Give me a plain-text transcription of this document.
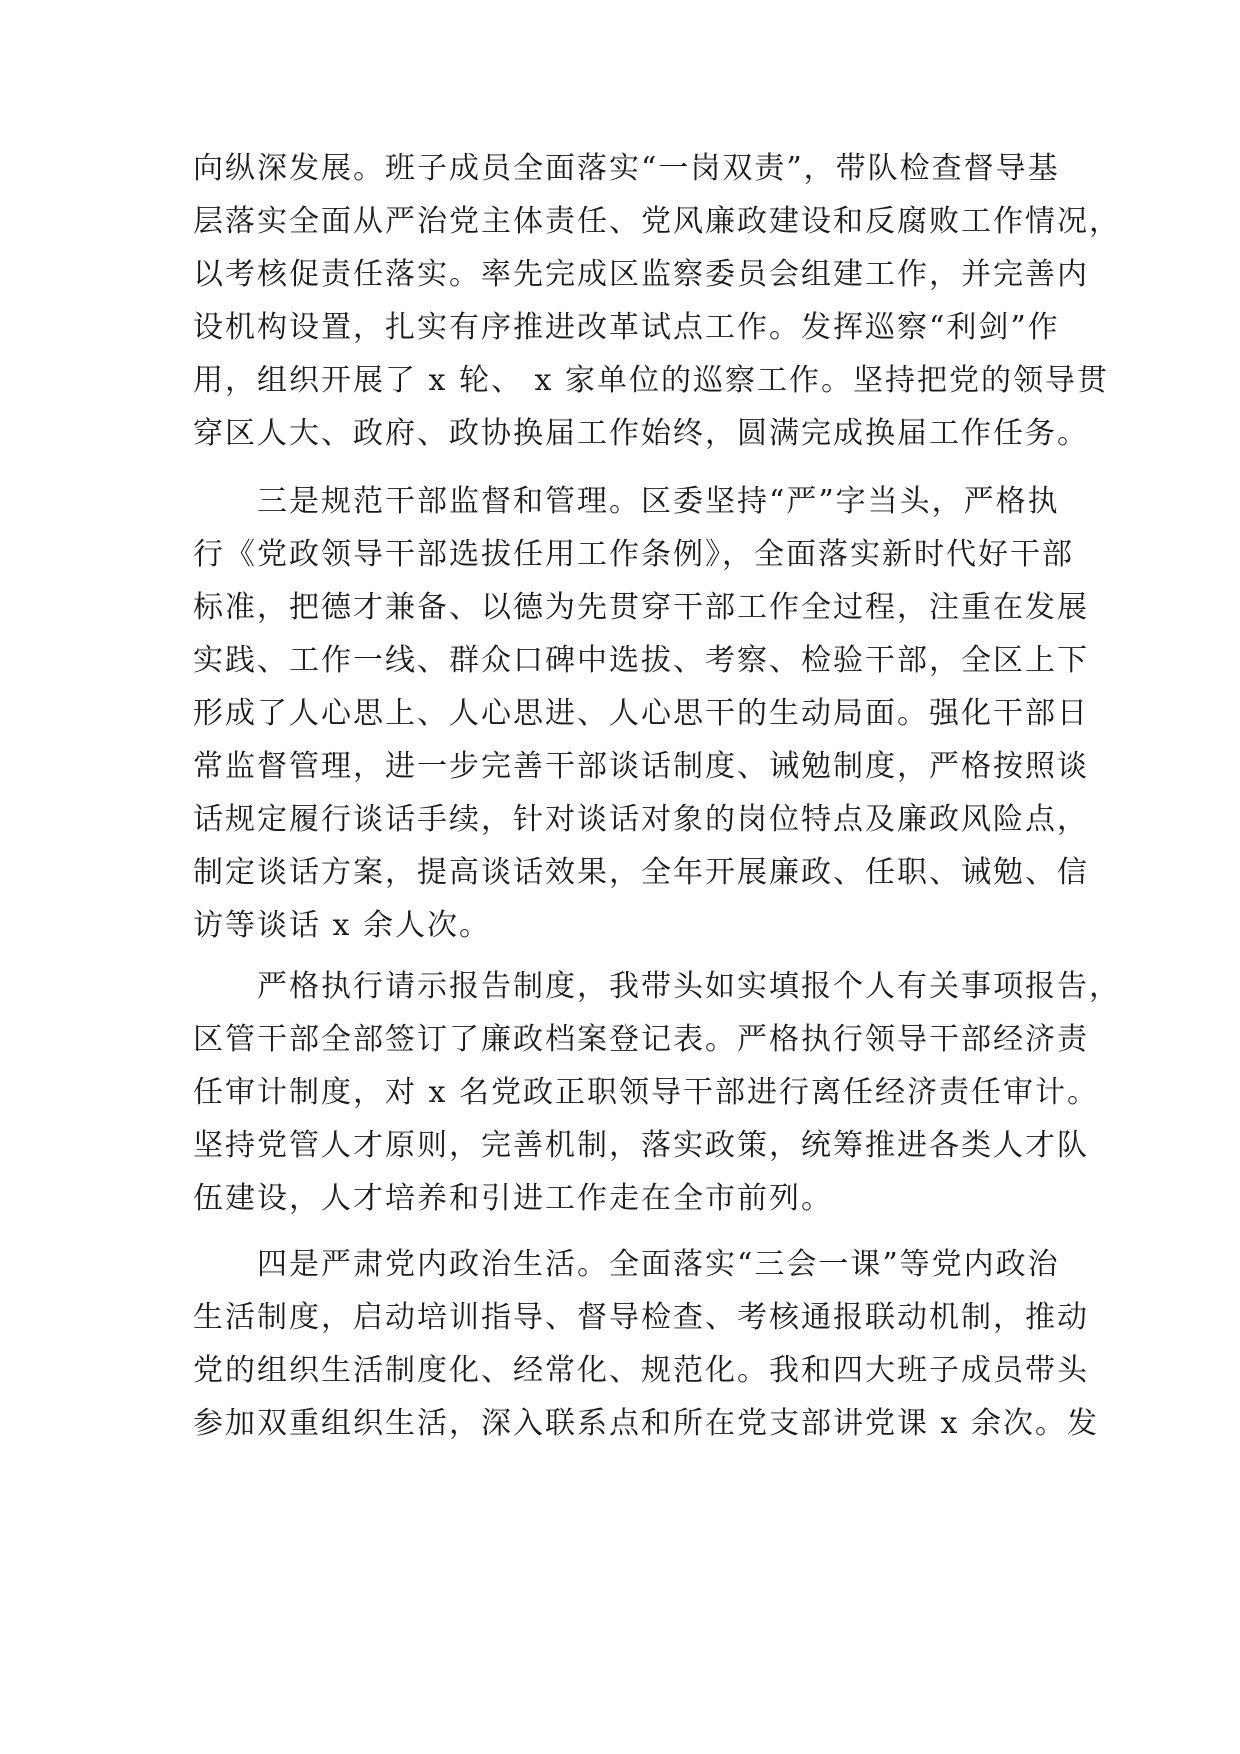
向纵深发展。班子成员全面落实“一岗双责”，带队检查督导基
层落实全面从严治党主体责任、党风廉政建设和反腐败工作情况，
以考核促责任落实。率先完成区监察委员会组建工作，并完善内
设机构设置，扎实有序推进改革试点工作。发挥巡察“利剑”作
用，组织开展了 x 轮、 x 家单位的巡察工作。坚持把党的领导贯
穿区人大、政府、政协换届工作始终，圆满完成换届工作任务。
三是规范干部监督和管理。区委坚持“严”字当头，严格执
行《党政领导干部选拔任用工作条例》，全面落实新时代好干部
标准，把德才兼备、以德为先贯穿干部工作全过程，注重在发展
实践、工作一线、群众口碑中选拔、考察、检验干部，全区上下
形成了人心思上、人心思进、人心思干的生动局面。强化干部日
常监督管理，进一步完善干部谈话制度、诫勉制度，严格按照谈
话规定履行谈话手续，针对谈话对象的岗位特点及廉政风险点，
制定谈话方案，提高谈话效果，全年开展廉政、任职、诫勉、信
访等谈话 x 余人次。
严格执行请示报告制度，我带头如实填报个人有关事项报告，
区管干部全部签订了廉政档案登记表。严格执行领导干部经济责
任审计制度，对 x 名党政正职领导干部进行离任经济责任审计。
坚持党管人才原则，完善机制，落实政策，统筹推进各类人才队
伍建设，人才培养和引进工作走在全市前列。
四是严肃党内政治生活。全面落实“三会一课”等党内政治
生活制度，启动培训指导、督导检查、考核通报联动机制，推动
党的组织生活制度化、经常化、规范化。我和四大班子成员带头
参加双重组织生活，深入联系点和所在党支部讲党课 x 余次。发
